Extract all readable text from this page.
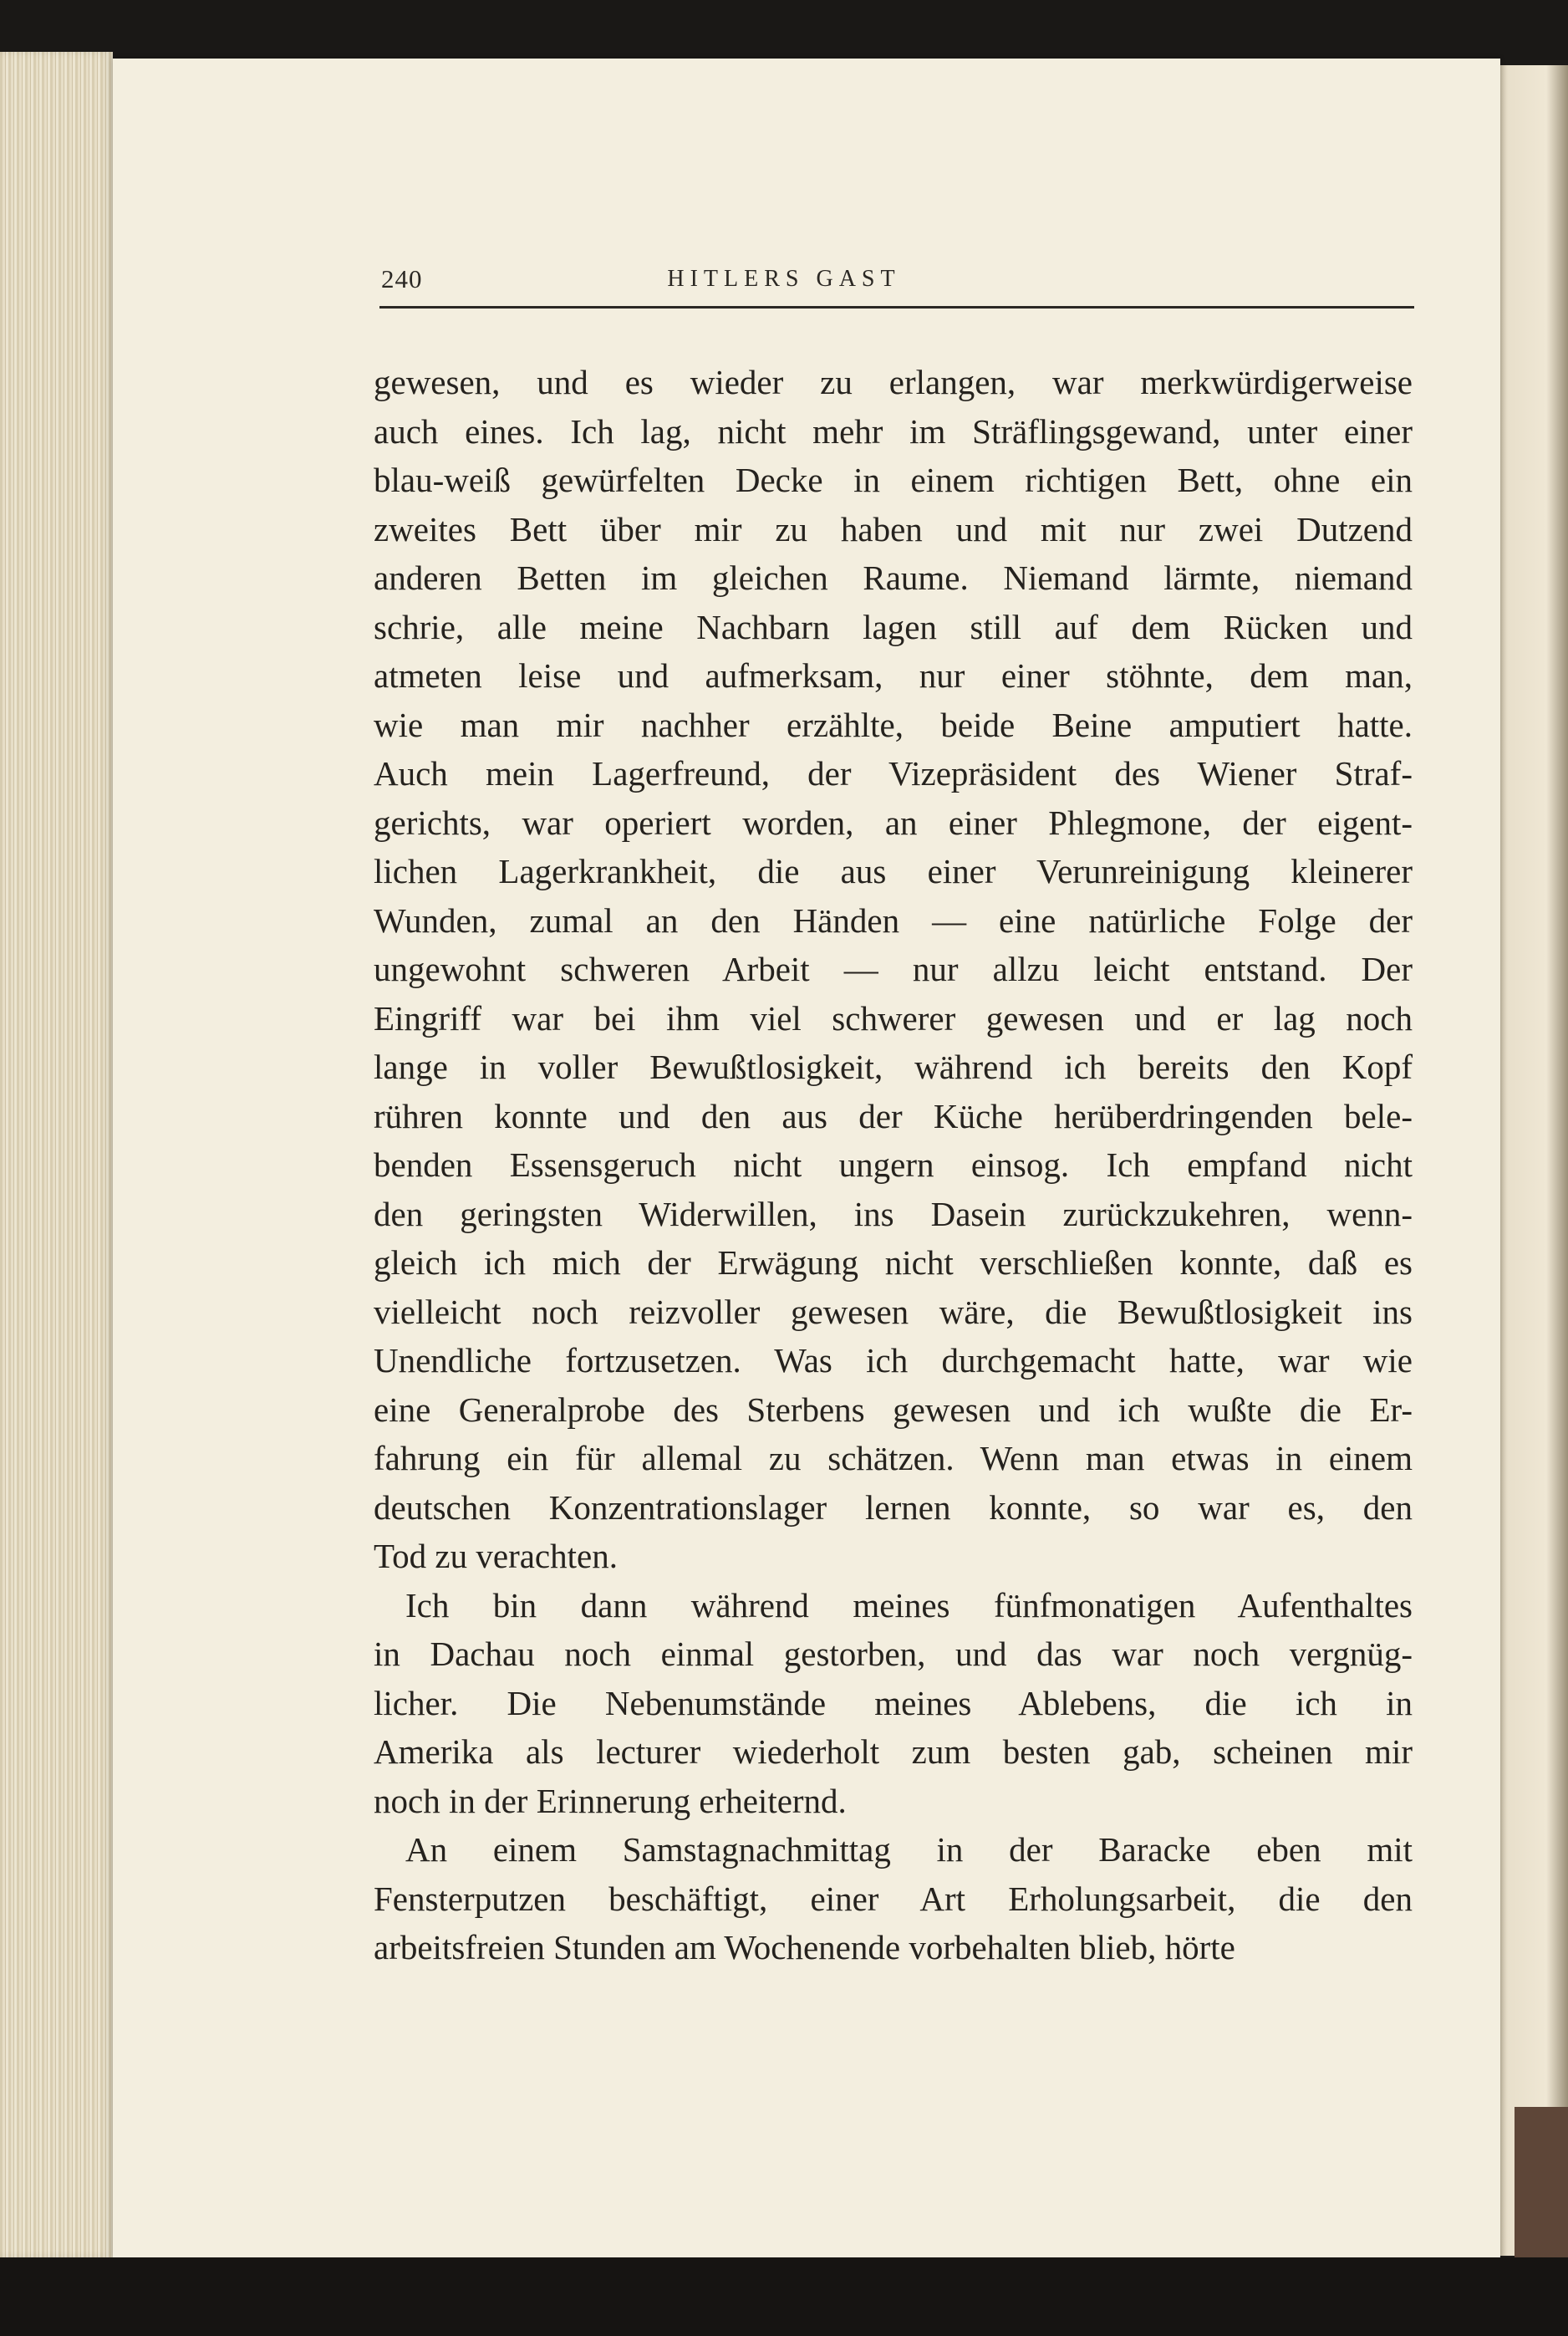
240	HITLERS GAST
gewesen, und es wieder zu erlangen, war merkwürdigerweise
auch eines. Ich lag, nicht mehr im Sträflingsgewand, unter einer
blau-weiß gewürfelten Decke in einem richtigen Bett, ohne ein
zweites Bett über mir zu haben und mit nur zwei Dutzend
anderen Betten im gleichen Raume. Niemand lärmte, niemand
schrie, alle meine Nachbarn lagen still auf dem Rücken und
atmeten leise und aufmerksam, nur einer stöhnte, dem man,
wie man mir nachher erzählte, beide Beine amputiert hatte.
Auch mein Lagerfreund, der Vizepräsident des Wiener Straf-
gerichts, war operiert worden, an einer Phlegmone, der eigent-
lichen Lagerkrankheit, die aus einer Verunreinigung kleinerer
Wunden, zumal an den Händen — eine natürliche Folge der
ungewohnt schweren Arbeit — nur allzu leicht entstand. Der
Eingriff war bei ihm viel schwerer gewesen und er lag noch
lange in voller Bewußtlosigkeit, während ich bereits den Kopf
rühren konnte und den aus der Küche herüberdringenden bele-
benden Essensgeruch nicht ungern einsog. Ich empfand nicht
den geringsten Widerwillen, ins Dasein zurückzukehren, wenn-
gleich ich mich der Erwägung nicht verschließen konnte, daß es
vielleicht noch reizvoller gewesen wäre, die Bewußtlosigkeit ins
Unendliche fortzusetzen. Was ich durchgemacht hatte, war wie
eine Generalprobe des Sterbens gewesen und ich wußte die Er-
fahrung ein für allemal zu schätzen. Wenn man etwas in einem
deutschen Konzentrationslager lernen konnte, so war es, den
Tod zu verachten.
Ich bin dann während meines fünfmonatigen Aufenthaltes
in Dachau noch einmal gestorben, und das war noch vergnüg-
licher. Die Nebenumstände meines Ablebens, die ich in
Amerika als lecturer wiederholt zum besten gab, scheinen mir
noch in der Erinnerung erheiternd.
An einem Samstagnachmittag in der Baracke eben mit
Fensterputzen beschäftigt, einer Art Erholungsarbeit, die den
arbeitsfreien Stunden am Wochenende vorbehalten blieb, hörte
